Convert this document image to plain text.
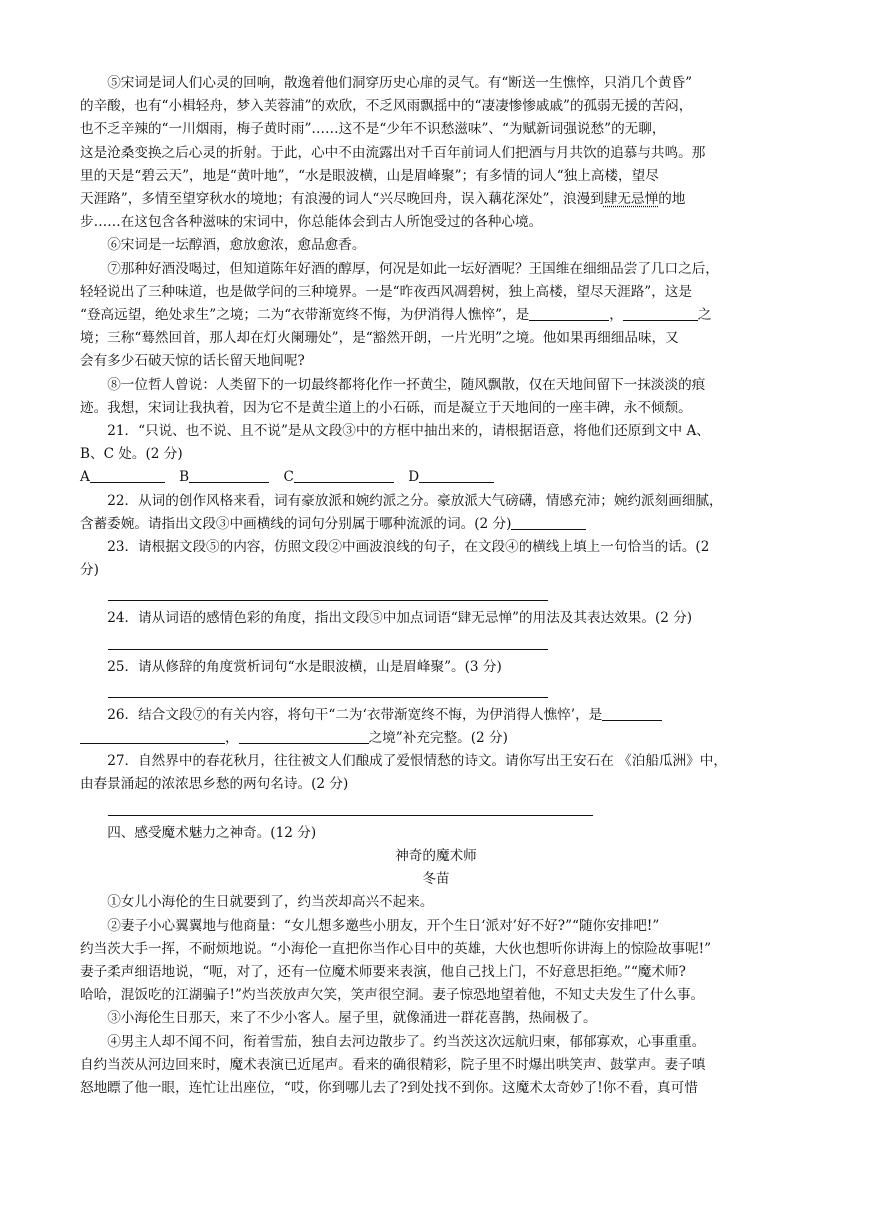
⑤宋词是词人们心灵的回响，散逸着他们洞穿历史心扉的灵气。有“断送一生憔悴，只消几个黄昏”

的辛酸，也有“小楫轻舟，梦入芙蓉浦”的欢欣，不乏风雨飘摇中的“凄凄惨惨戚戚”的孤弱无援的苦闷，

也不乏辛辣的“一川烟雨，梅子黄时雨”……这不是“少年不识愁滋味”、“为赋新词强说愁”的无聊，

这是沧桑变换之后心灵的折射。于此，心中不由流露出对千百年前词人们把酒与月共饮的追慕与共鸣。那

里的天是“碧云天”，地是“黄叶地”，“水是眼波横，山是眉峰聚”；有多情的词人“独上高楼，望尽

天涯路”，多情至望穿秋水的境地；有浪漫的词人“兴尽晚回舟，误入藕花深处”，浪漫到肆无忌惮的地

步……在这包含各种滋味的宋词中，你总能体会到古人所饱受过的各种心境。

⑥宋词是一坛醇酒，愈放愈浓，愈品愈香。

⑦那种好酒没喝过，但知道陈年好酒的醇厚，何况是如此一坛好酒呢？王国维在细细品尝了几口之后，

轻轻说出了三种味道，也是做学问的三种境界。一是“昨夜西风凋碧树，独上高楼，望尽天涯路”，这是

“登高远望，绝处求生”之境；二为“衣带渐宽终不悔，为伊消得人憔悴”，是	，	之

境；三称“蓦然回首，那人却在灯火阑珊处”，是“豁然开朗，一片光明”之境。他如果再细细品味，又

会有多少石破天惊的话长留天地间呢?

⑧一位哲人曾说：人类留下的一切最终都将化作一抔黄尘，随风飘散，仅在天地间留下一抹淡淡的痕

迹。我想，宋词让我执着，因为它不是黄尘道上的小石砾，而是凝立于天地间的一座丰碑，永不倾颓。

21．“只说、也不说、且不说”是从文段③中的方框中抽出来的，请根据语意，将他们还原到文中 A、

B、C 处。(2 分)

A	B	C	D

22．从词的创作风格来看，词有豪放派和婉约派之分。豪放派大气磅礴，情感充沛；婉约派刻画细腻，

含蓄委婉。请指出文段③中画横线的词句分别属于哪种流派的词。(2 分)

23．请根据文段⑤的内容，仿照文段②中画波浪线的句子，在文段④的横线上填上一句恰当的话。(2

分)

24．请从词语的感情色彩的角度，指出文段⑤中加点词语“肆无忌惮”的用法及其表达效果。(2 分)

25．请从修辞的角度赏析词句“水是眼波横，山是眉峰聚”。(3 分)

26．结合文段⑦的有关内容，将句干“二为‘衣带渐宽终不悔，为伊消得人憔悴’，是

，	之境”补充完整。(2 分)

27．自然界中的春花秋月，往往被文人们酿成了爱恨情愁的诗文。请你写出王安石在 《泊船瓜洲》中，

由春景涌起的浓浓思乡愁的两句名诗。(2 分)

四、感受魔术魅力之神奇。(12 分)

神奇的魔术师

冬苗

①女儿小海伦的生日就要到了，约当茨却高兴不起来。

②妻子小心翼翼地与他商量：“女儿想多邀些小朋友，开个生日‘派对’好不好?”“随你安排吧!”

约当茨大手一挥，不耐烦地说。“小海伦一直把你当作心目中的英雄，大伙也想听你讲海上的惊险故事呢!”

妻子柔声细语地说，“呃，对了，还有一位魔术师要来表演，他自己找上门，不好意思拒绝。”“魔术师?

哈哈，混饭吃的江湖骗子!”灼当茨放声欠笑，笑声很空洞。妻子惊恐地望着他，不知丈夫发生了什么事。

③小海伦生日那天，来了不少小客人。屋子里，就像涌进一群花喜鹊，热闹极了。

④男主人却不闻不问，衔着雪茄，独自去河边散步了。约当茨这次远航归柬，郁郁寡欢，心事重重。

自约当茨从河边回来时，魔术表演已近尾声。看来的确很精彩，院子里不时爆出哄笑声、鼓掌声。妻子嗔

怒地瞟了他一眼，连忙让出座位，“哎，你到哪儿去了?到处找不到你。这魔术太奇妙了!你不看，真可惜
